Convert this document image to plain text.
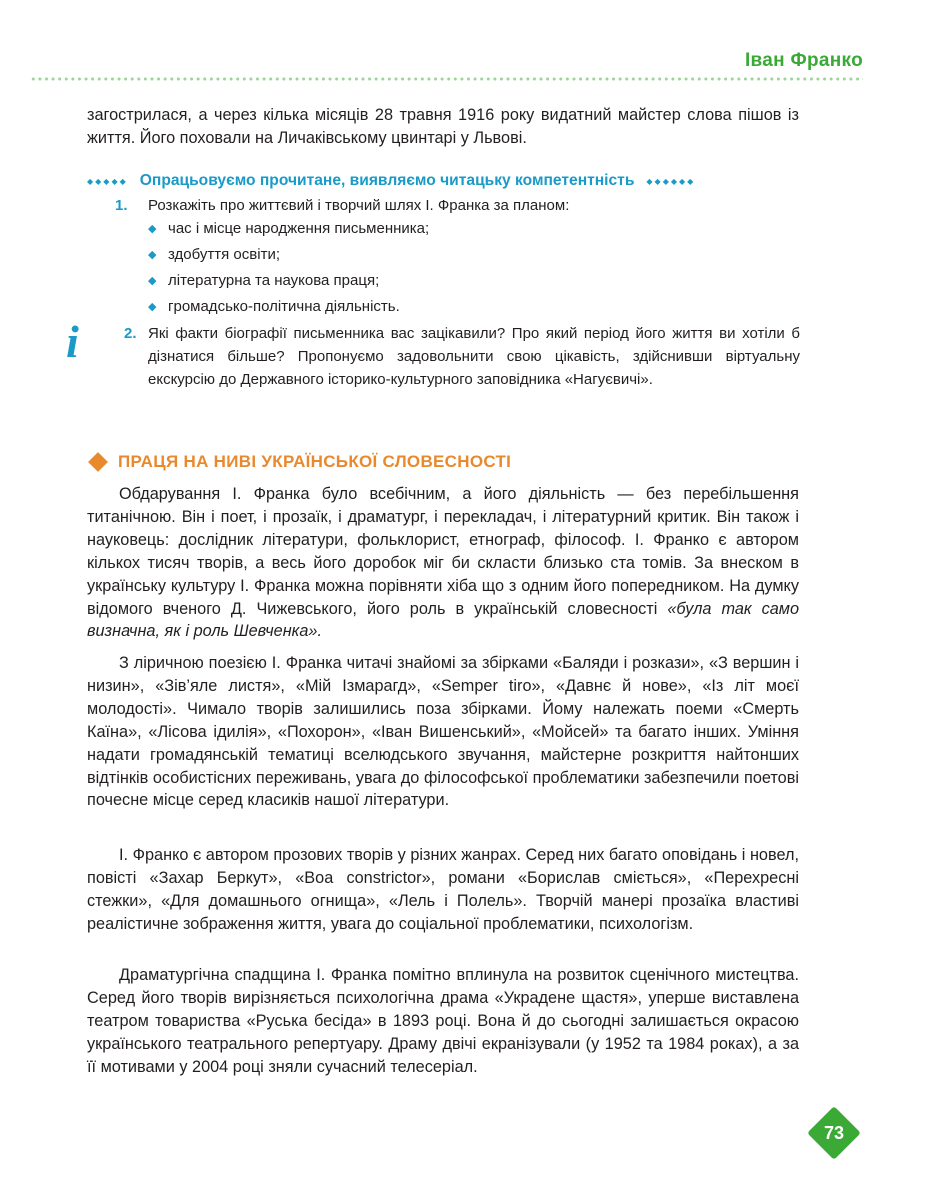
Іван Франко

загострилася, а через кілька місяців 28 травня 1916 року видатний майстер слова пішов із життя. Його поховали на Личаківському цвинтарі у Львові.

◆◆◆◆◆ Опрацьовуємо прочитане, виявляємо читацьку компетентність ◆◆◆◆◆◆
1. Розкажіть про життєвий і творчий шлях І. Франка за планом:

◆ час і місце народження письменника;
◆ здобуття освіти;
◆ літературна та наукова праця;
◆ громадсько-політична діяльність.
i	2. Які факти біографії письменника вас зацікавили? Про який період його життя ви хотіли б дізнатися більше? Пропонуємо задовольнити свою цікавість, здійснивши віртуальну екскурсію до Державного історико-культурного заповідника «Нагуєвичі».

ПРАЦЯ НА НИВІ УКРАЇНСЬКОЇ СЛОВЕСНОСТІ

Обдарування І. Франка було всебічним, а його діяльність — без перебільшення титанічною. Він і поет, і прозаїк, і драматург, і перекладач, і літературний критик. Він також і науковець: дослідник літератури, фольклорист, етнограф, філософ. І. Франко є автором кількох тисяч творів, а весь його доробок міг би скласти близько ста томів. За внеском в українську культуру І. Франка можна порівняти хіба що з одним його попередником. На думку відомого вченого Д. Чижевського, його роль в українській словесності «була так само визначна, як і роль Шевченка».

З ліричною поезією І. Франка читачі знайомі за збірками «Баляди і розкази», «З вершин і низин», «Зів’яле листя», «Мій Ізмарагд», «Semper tiro», «Давнє й нове», «Із літ моєї молодості». Чимало творів залишились поза збірками. Йому належать поеми «Смерть Каїна», «Лісова ідилія», «Похорон», «Іван Вишенський», «Мойсей» та багато інших. Уміння надати громадянській тематиці вселюдського звучання, майстерне розкриття найтонших відтінків особистісних переживань, увага до філософської проблематики забезпечили поетові почесне місце серед класиків нашої літератури.

І. Франко є автором прозових творів у різних жанрах. Серед них багато оповідань і новел, повісті «Захар Беркут», «Boa constrictor», романи «Борислав сміється», «Перехресні стежки», «Для домашнього огнища», «Лель і Полель». Творчій манері прозаїка властиві реалістичне зображення життя, увага до соціальної проблематики, психологізм.

Драматургічна спадщина І. Франка помітно вплинула на розвиток сценічного мистецтва. Серед його творів вирізняється психологічна драма «Украдене щастя», уперше виставлена театром товариства «Руська бесіда» в 1893 році. Вона й до сьогодні залишається окрасою українського театрального репертуару. Драму двічі екранізували (у 1952 та 1984 роках), а за її мотивами у 2004 році зняли сучасний телесеріал.

73
